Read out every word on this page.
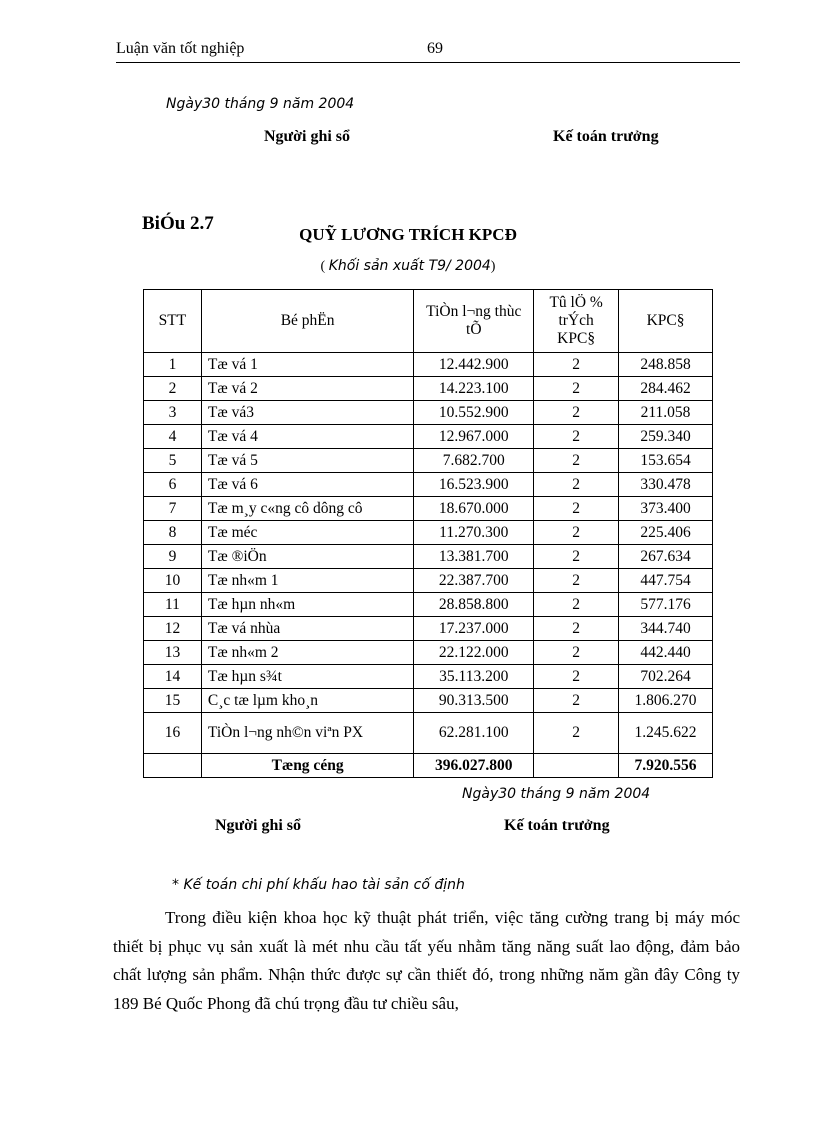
Luận văn tốt nghiệp	69
Ngày30 tháng 9 năm 2004
Người ghi sổ	Kế toán trưởng
BiÓu 2.7
QUỸ LƯƠNG TRÍCH KPCĐ
( Khối sản xuất T9/ 2004)
STT	Bé phËn	TiÒn l¬ng thùc tÕ	Tû lÖ % trÝch KPC§	KPC§
1	Tæ vá 1	12.442.900	2	248.858
2	Tæ vá 2	14.223.100	2	284.462
3	Tæ vá3	10.552.900	2	211.058
4	Tæ vá 4	12.967.000	2	259.340
5	Tæ vá 5	7.682.700	2	153.654
6	Tæ vá 6	16.523.900	2	330.478
7	Tæ m¸y c«ng cô dông cô	18.670.000	2	373.400
8	Tæ méc	11.270.300	2	225.406
9	Tæ ®iÖn	13.381.700	2	267.634
10	Tæ nh«m 1	22.387.700	2	447.754
11	Tæ hµn nh«m	28.858.800	2	577.176
12	Tæ vá nhùa	17.237.000	2	344.740
13	Tæ nh«m 2	22.122.000	2	442.440
14	Tæ hµn s¾t	35.113.200	2	702.264
15	C¸c tæ lµm kho¸n	90.313.500	2	1.806.270
16	TiÒn l¬ng nh©n viªn PX	62.281.100	2	1.245.622
	Tæng céng	396.027.800		7.920.556
Ngày30 tháng 9 năm 2004
Người ghi sổ	Kế toán trưởng
* Kế toán chi phí khấu hao tài sản cố định

Trong điều kiện khoa học kỹ thuật phát triển, việc tăng cường trang bị máy móc thiết bị phục vụ sản xuất là mét nhu cầu tất yếu nhằm tăng năng suất lao động, đảm bảo chất lượng sản phẩm. Nhận thức được sự cần thiết đó, trong những năm gần đây Công ty 189 Bé Quốc Phong đã chú trọng đầu tư chiều sâu,
